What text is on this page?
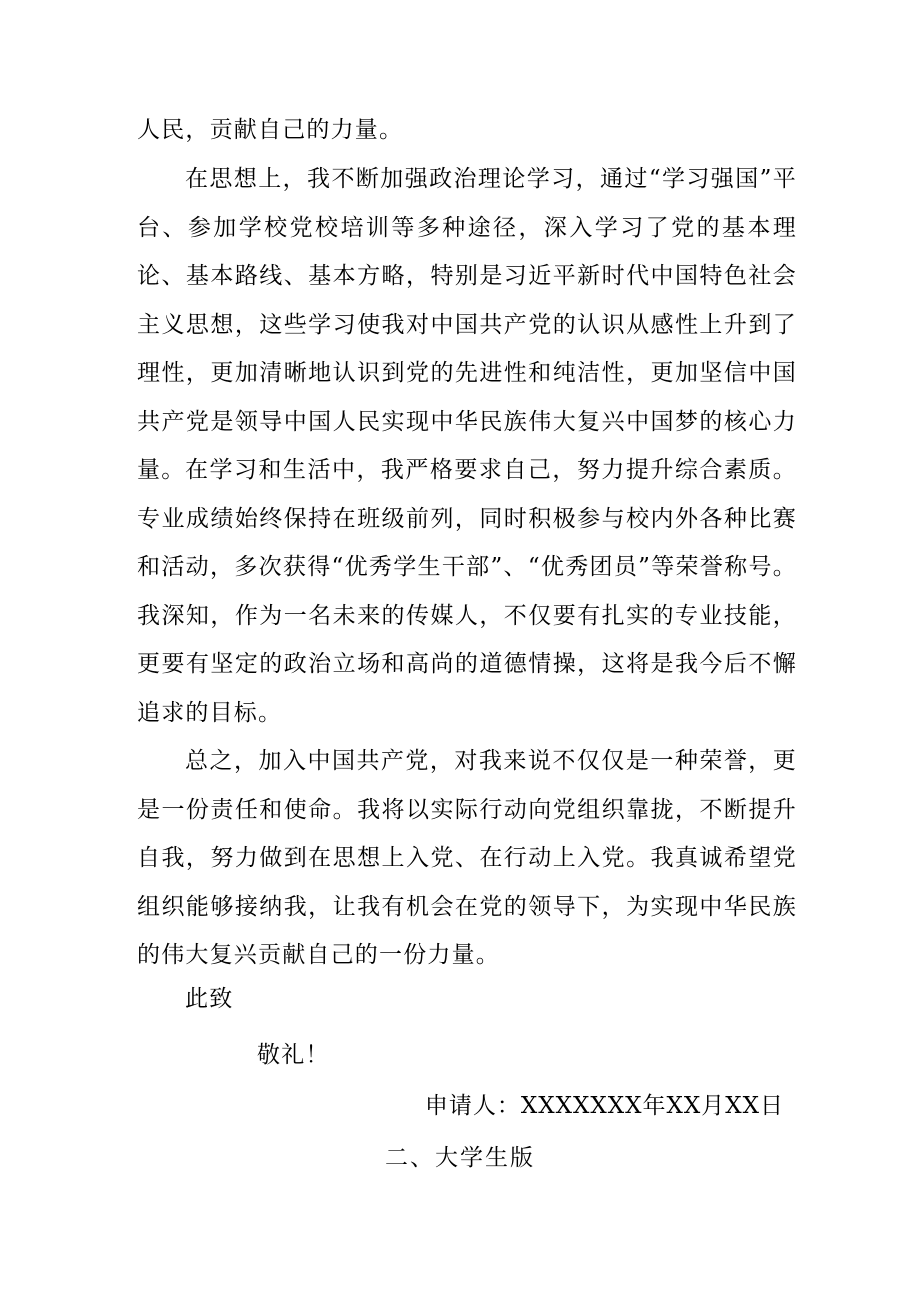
人民，贡献自己的力量。

在思想上，我不断加强政治理论学习，通过“学习强国”平台、参加学校党校培训等多种途径，深入学习了党的基本理论、基本路线、基本方略，特别是习近平新时代中国特色社会主义思想，这些学习使我对中国共产党的认识从感性上升到了理性，更加清晰地认识到党的先进性和纯洁性，更加坚信中国共产党是领导中国人民实现中华民族伟大复兴中国梦的核心力量。 在学习和生活中，我严格要求自己，努力提升综合素质。专业成绩始终保持在班级前列，同时积极参与校内外各种比赛和活动，多次获得“优秀学生干部”、“优秀团员”等荣誉称号。我深知，作为一名未来的传媒人，不仅要有扎实的专业技能，更要有坚定的政治立场和高尚的道德情操，这将是我今后不懈追求的目标。

总之，加入中国共产党，对我来说不仅仅是一种荣誉，更是一份责任和使命。我将以实际行动向党组织靠拢，不断提升自我，努力做到在思想上入党、在行动上入党。我真诚希望党组织能够接纳我，让我有机会在党的领导下，为实现中华民族的伟大复兴贡献自己的一份力量。

此致
敬礼！
申请人：XXXXXXX年XX月XX日
二、大学生版
